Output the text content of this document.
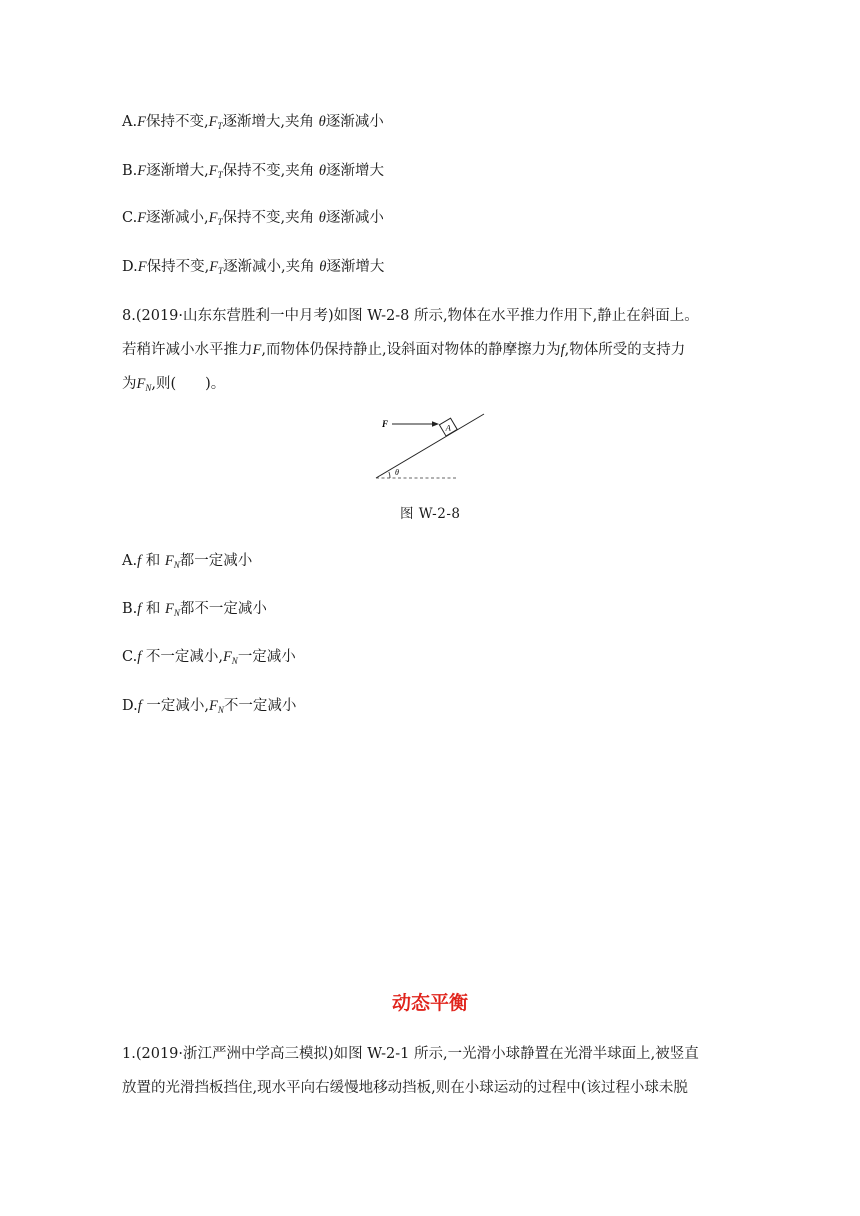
A.F保持不变$,F_T$逐渐增大,夹角 θ逐渐减小
B.F逐渐增大$,F_T$保持不变,夹角 θ逐渐增大
C.F逐渐减小$,F_T$保持不变,夹角 θ逐渐减小
D.F保持不变$,F_T$逐渐减小,夹角 θ逐渐增大
8.(2019·山东东营胜利一中月考)如图 W-2-8 所示,物体在水平推力作用下,静止在斜面上。
若稍许减小水平推力F,而物体仍保持静止,设斜面对物体的静摩擦力为f,物体所受的支持力
为$F_N$,则(　　)。
θ
A
F
图 W-2-8
A.f 和 $F_N$都一定减小
B.f 和 $F_N$都不一定减小
C.f 不一定减小$,F_N$一定减小
D.f 一定减小$,F_N$不一定减小
动态平衡
1.(2019·浙江严洲中学高三模拟)如图 W-2-1 所示,一光滑小球静置在光滑半球面上,被竖直
放置的光滑挡板挡住,现水平向右缓慢地移动挡板,则在小球运动的过程中(该过程小球未脱
